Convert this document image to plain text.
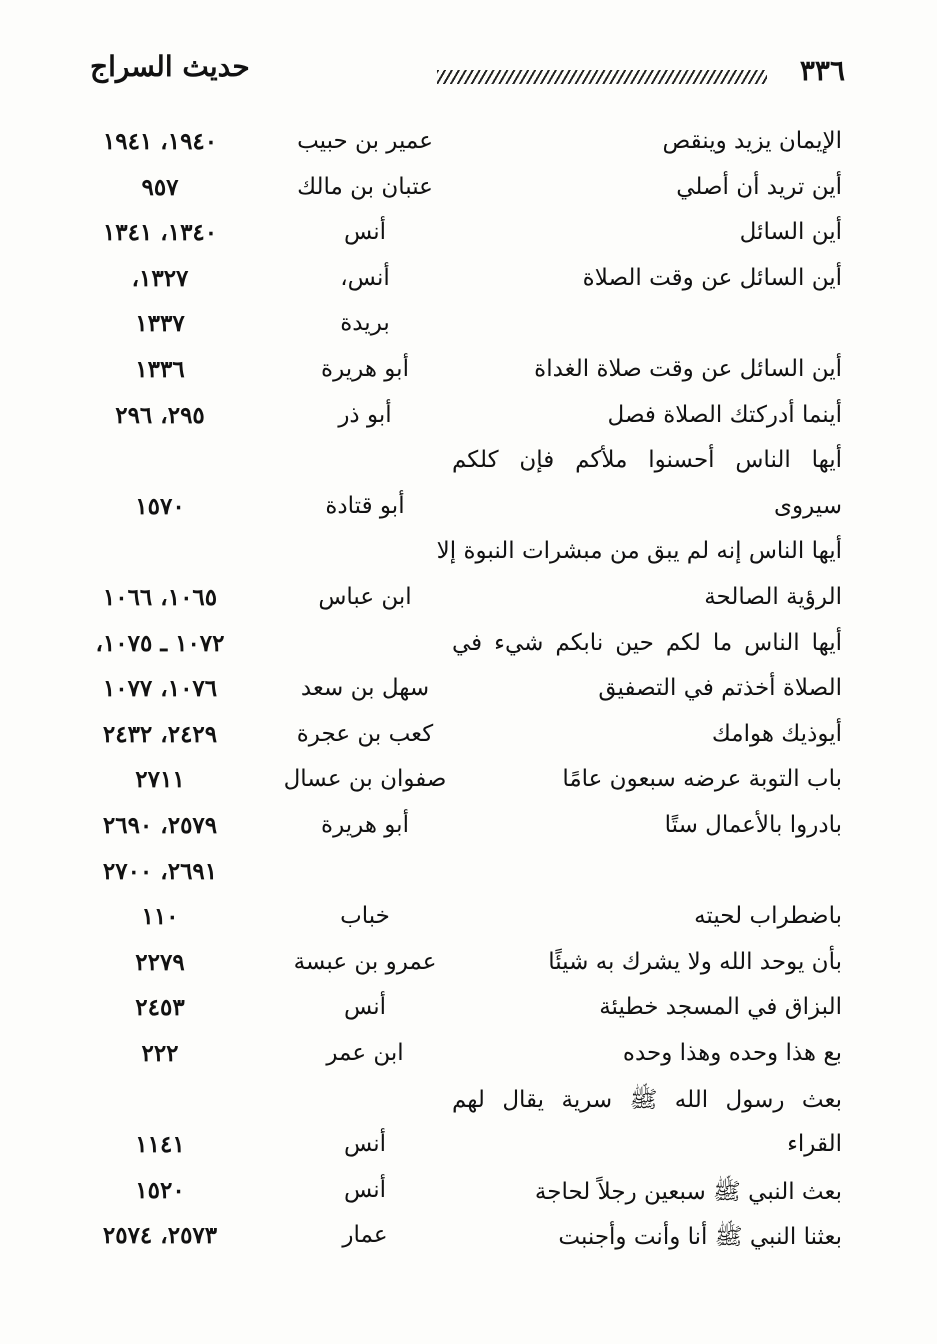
٣٣٦
حديث السراج
الإيمان يزيد وينقص
عمير بن حبيب
١٩٤٠، ١٩٤١
أين تريد أن أصلي
عتبان بن مالك
٩٥٧
أين السائل
أنس
١٣٤٠، ١٣٤١
أين السائل عن وقت الصلاة
أنس،
١٣٢٧،
بريدة
١٣٣٧
أين السائل عن وقت صلاة الغداة
أبو هريرة
١٣٣٦
أينما أدركتك الصلاة فصل
أبو ذر
٢٩٥، ٢٩٦
أيها الناس أحسنوا ملأكم فإن كلكم
سيروى
أبو قتادة
١٥٧٠
أيها الناس إنه لم يبق من مبشرات النبوة إلا
الرؤية الصالحة
ابن عباس
١٠٦٥، ١٠٦٦
أيها الناس ما لكم حين نابكم شيء في
١٠٧٢ ـ ١٠٧٥،
الصلاة أخذتم في التصفيق
سهل بن سعد
١٠٧٦، ١٠٧٧
أيوذيك هوامك
كعب بن عجرة
٢٤٢٩، ٢٤٣٢
باب التوبة عرضه سبعون عامًا
صفوان بن عسال
٢٧١١
بادروا بالأعمال ستًا
أبو هريرة
٢٥٧٩، ٢٦٩٠
٢٦٩١، ٢٧٠٠
باضطراب لحيته
خباب
١١٠
بأن يوحد الله ولا يشرك به شيئًا
عمرو بن عبسة
٢٢٧٩
البزاق في المسجد خطيئة
أنس
٢٤٥٣
بع هذا وحده وهذا وحده
ابن عمر
٢٢٢
بعث رسول الله ﷺ سرية يقال لهم
القراء
أنس
١١٤١
بعث النبي ﷺ سبعين رجلاً لحاجة
أنس
١٥٢٠
بعثنا النبي ﷺ أنا وأنت وأجنبت
عمار
٢٥٧٣، ٢٥٧٤
